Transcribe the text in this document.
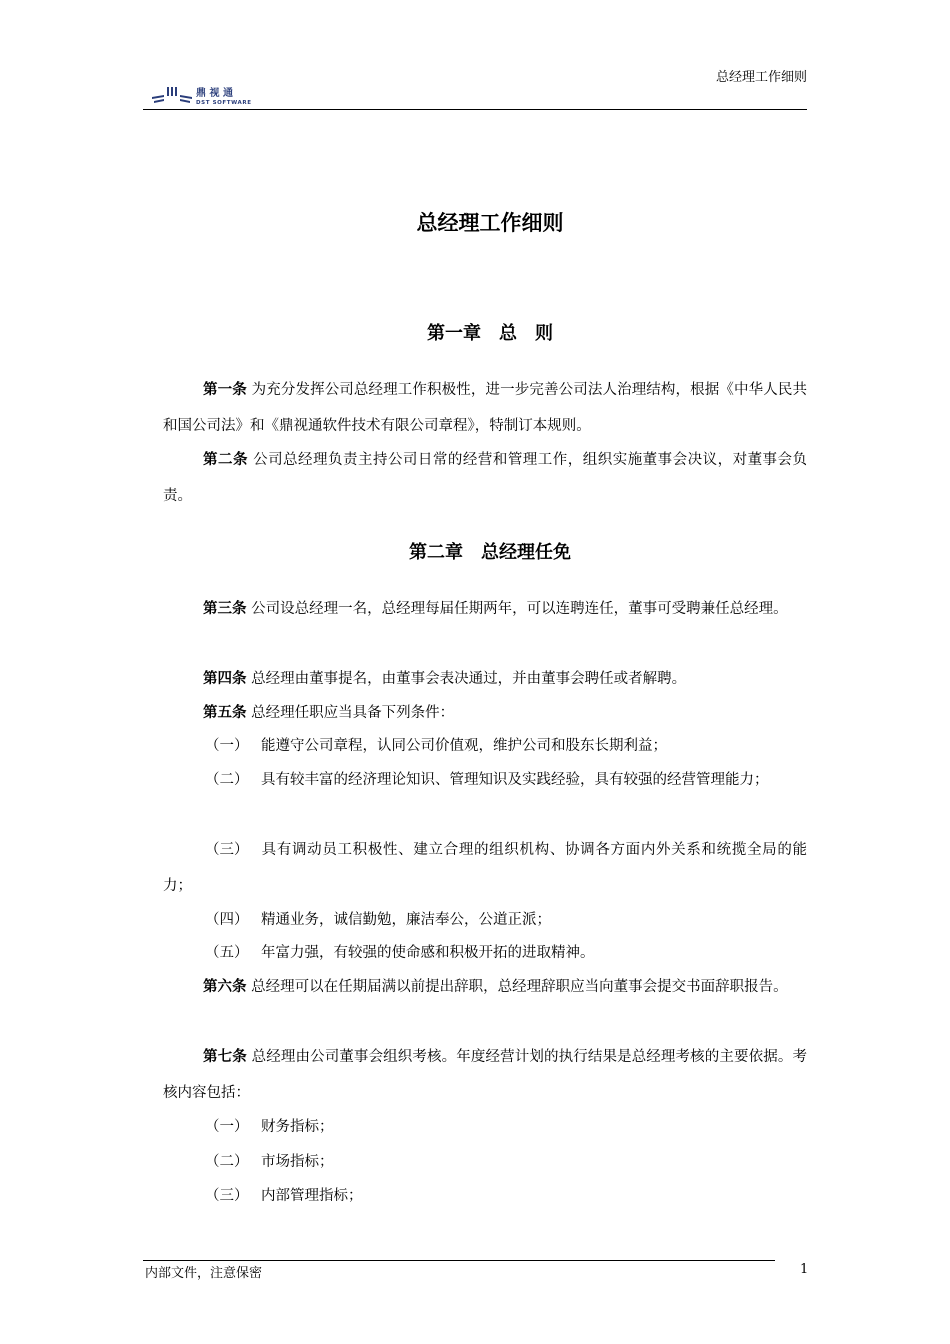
总经理工作细则
鼎 视 通
DST SOFTWARE
总经理工作细则
第一章　总　则
第一条 为充分发挥公司总经理工作积极性，进一步完善公司法人治理结构，根据《中华人民共和国公司法》和《鼎视通软件技术有限公司章程》，特制订本规则。
第二条 公司总经理负责主持公司日常的经营和管理工作，组织实施董事会决议，对董事会负责。
第二章　总经理任免
第三条 公司设总经理一名，总经理每届任期两年，可以连聘连任，董事可受聘兼任总经理。
第四条 总经理由董事提名，由董事会表决通过，并由董事会聘任或者解聘。
第五条 总经理任职应当具备下列条件：
（一） 能遵守公司章程，认同公司价值观，维护公司和股东长期利益；
（二） 具有较丰富的经济理论知识、管理知识及实践经验，具有较强的经营管理能力；
（三） 具有调动员工积极性、建立合理的组织机构、协调各方面内外关系和统揽全局的能力；
（四） 精通业务，诚信勤勉，廉洁奉公，公道正派；
（五） 年富力强，有较强的使命感和积极开拓的进取精神。
第六条 总经理可以在任期届满以前提出辞职，总经理辞职应当向董事会提交书面辞职报告。
第七条 总经理由公司董事会组织考核。年度经营计划的执行结果是总经理考核的主要依据。考核内容包括：
（一） 财务指标；
（二） 市场指标；
（三） 内部管理指标；
内部文件，注意保密	1
